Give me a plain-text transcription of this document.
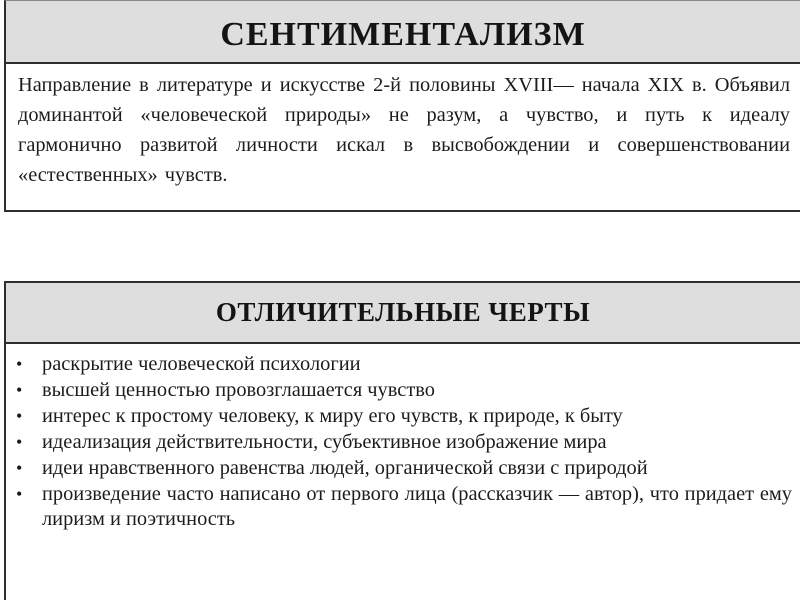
СЕНТИМЕНТАЛИЗМ

Направление в литературе и искусстве 2-й половины XVIII— начала XIX в. Объявил доминантой «человеческой природы» не разум, а чувство, и путь к идеалу гармонично развитой личности искал в высвобождении и совершенствовании «естественных» чувств.

ОТЛИЧИТЕЛЬНЫЕ ЧЕРТЫ
• раскрытие человеческой психологии
• высшей ценностью провозглашается чувство
• интерес к простому человеку, к миру его чувств, к природе, к быту
• идеализация действительности, субъективное изображение мира
• идеи нравственного равенства людей, органической связи с природой
• произведение часто написано от первого лица (рассказчик — автор), что придает ему лиризм и поэтичность
